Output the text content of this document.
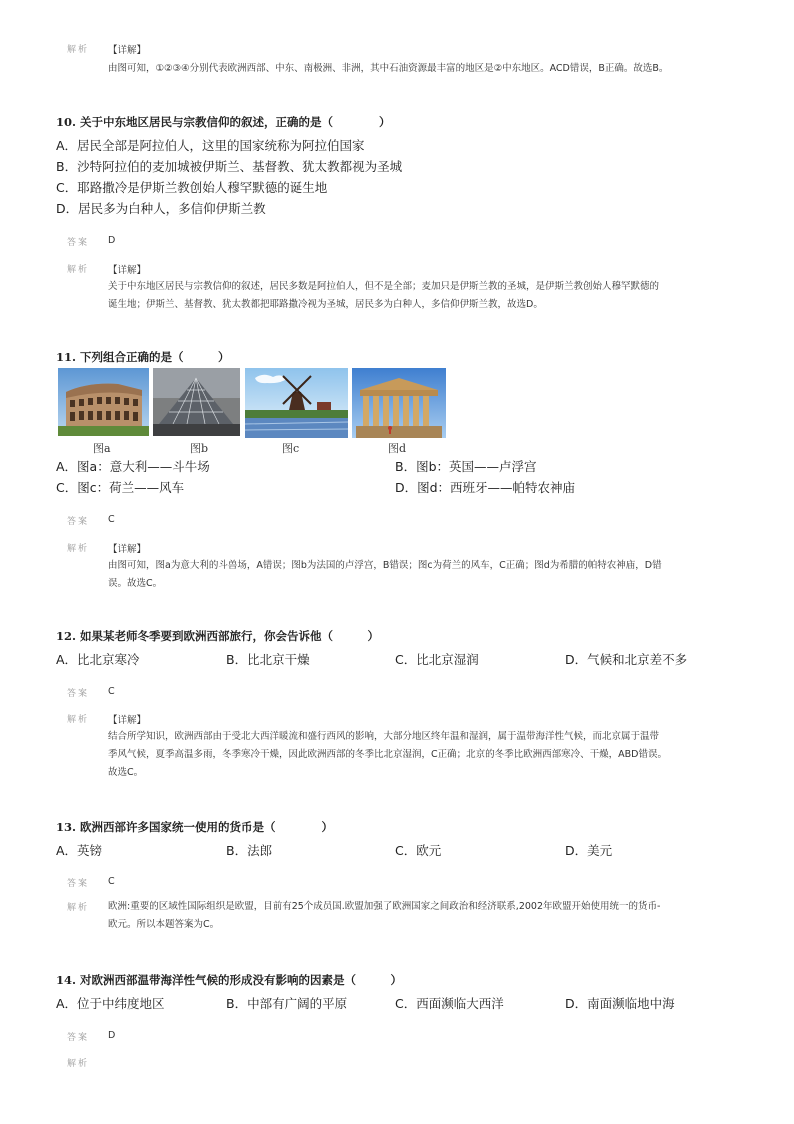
解析 【详解】
由图可知，①②③④分别代表欧洲西部、中东、南极洲、非洲，其中石油资源最丰富的地区是②中东地区。ACD错误，B正确。故选B。
10. 关于中东地区居民与宗教信仰的叙述，正确的是（　　　　）
A．居民全部是阿拉伯人，这里的国家统称为阿拉伯国家
B．沙特阿拉伯的麦加城被伊斯兰、基督教、犹太教都视为圣城
C．耶路撒冷是伊斯兰教创始人穆罕默德的诞生地
D．居民多为白种人，多信仰伊斯兰教
答案 D
解析 【详解】
关于中东地区居民与宗教信仰的叙述，居民多数是阿拉伯人，但不是全部；麦加只是伊斯兰教的圣城，是伊斯兰教创始人穆罕默德的
诞生地；伊斯兰、基督教、犹太教都把耶路撒冷视为圣城，居民多为白种人，多信仰伊斯兰教，故选D。
11. 下列组合正确的是（　　　）
图a	图b	图c	图d
A．图a：意大利——斗牛场	B．图b：英国——卢浮宫
C．图c：荷兰——风车	D．图d：西班牙——帕特农神庙
答案 C
解析 【详解】
由图可知，图a为意大利的斗兽场，A错误；图b为法国的卢浮宫，B错误；图c为荷兰的风车，C正确；图d为希腊的帕特农神庙，D错
误。故选C。
12. 如果某老师冬季要到欧洲西部旅行，你会告诉他（　　　）
A．比北京寒冷	B．比北京干燥	C．比北京湿润	D．气候和北京差不多
答案 C
解析 【详解】
结合所学知识，欧洲西部由于受北大西洋暖流和盛行西风的影响，大部分地区终年温和湿润，属于温带海洋性气候，而北京属于温带
季风气候，夏季高温多雨，冬季寒冷干燥，因此欧洲西部的冬季比北京湿润，C正确；北京的冬季比欧洲西部寒冷、干燥，ABD错误。
故选C。
13. 欧洲西部许多国家统一使用的货币是（　　　　）
A．英镑	B．法郎	C．欧元	D．美元
答案 C
解析 欧洲:重要的区域性国际组织是欧盟，目前有25个成员国.欧盟加强了欧洲国家之间政治和经济联系,2002年欧盟开始使用统一的货币-
欧元。所以本题答案为C。
14. 对欧洲西部温带海洋性气候的形成没有影响的因素是（　　　）
A．位于中纬度地区	B．中部有广阔的平原	C．西面濒临大西洋	D．南面濒临地中海
答案 D
解析
